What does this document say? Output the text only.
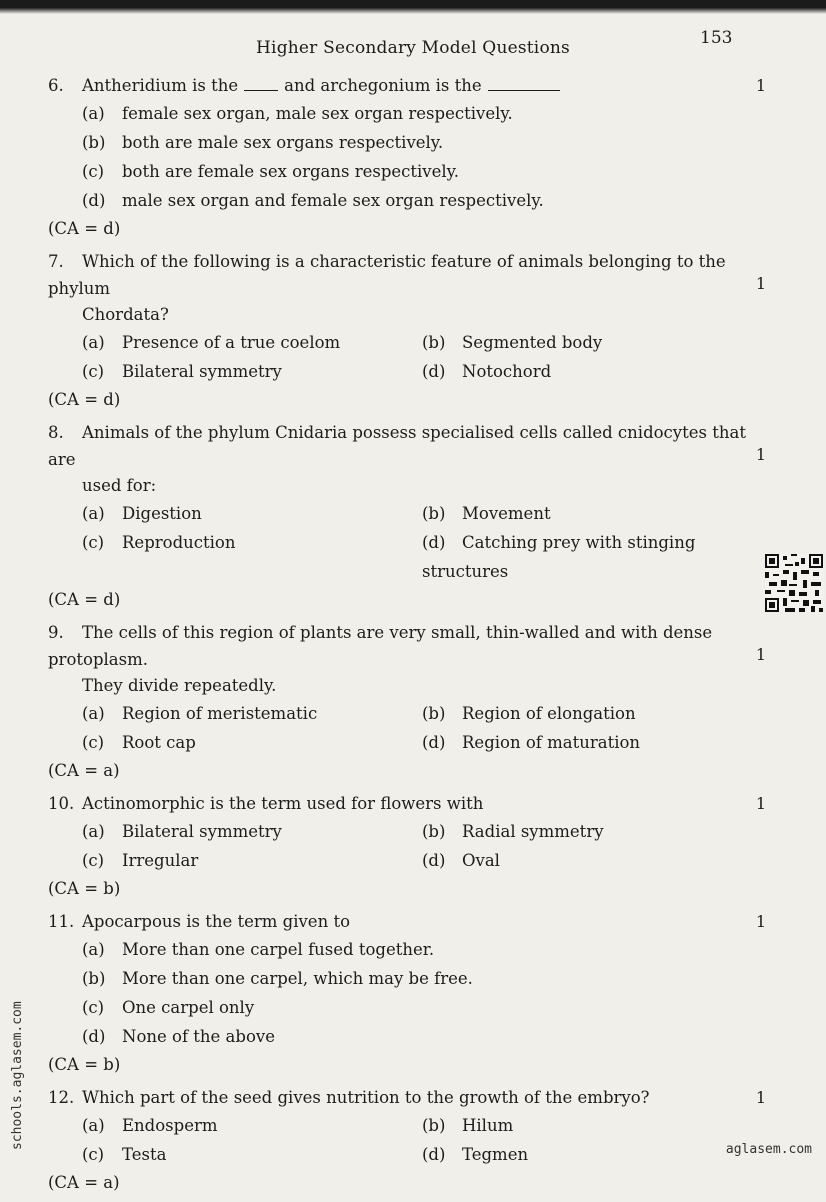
Higher Secondary Model Questions	153
6. Antheridium is the	and archegonium is the	1
(a) female sex organ, male sex organ respectively.
(b) both are male sex organs respectively.
(c) both are female sex organs respectively.
(d) male sex organ and female sex organ respectively.
(CA = d)
7. Which of the following is a characteristic feature of animals belonging to the phylum	1
Chordata?
(a) Presence of a true coelom	(b) Segmented body
(c) Bilateral symmetry	(d) Notochord
(CA = d)
8. Animals of the phylum Cnidaria possess specialised cells called cnidocytes that are	1
used for:
(a) Digestion	(b) Movement
(c) Reproduction	(d) Catching prey with stinging structures
(CA = d)
9. The cells of this region of plants are very small, thin-walled and with dense protoplasm.	1
They divide repeatedly.
(a) Region of meristematic	(b) Region of elongation
(c) Root cap	(d) Region of maturation
(CA = a)
10. Actinomorphic is the term used for flowers with	1
(a) Bilateral symmetry	(b) Radial symmetry
(c) Irregular	(d) Oval
(CA = b)
11. Apocarpous is the term given to	1
(a) More than one carpel fused together.
(b) More than one carpel, which may be free.
(c) One carpel only
(d) None of the above
(CA = b)
12. Which part of the seed gives nutrition to the growth of the embryo?	1
(a) Endosperm	(b) Hilum
(c) Testa	(d) Tegmen
(CA = a)
schools.aglasem.com	aglasem.com
